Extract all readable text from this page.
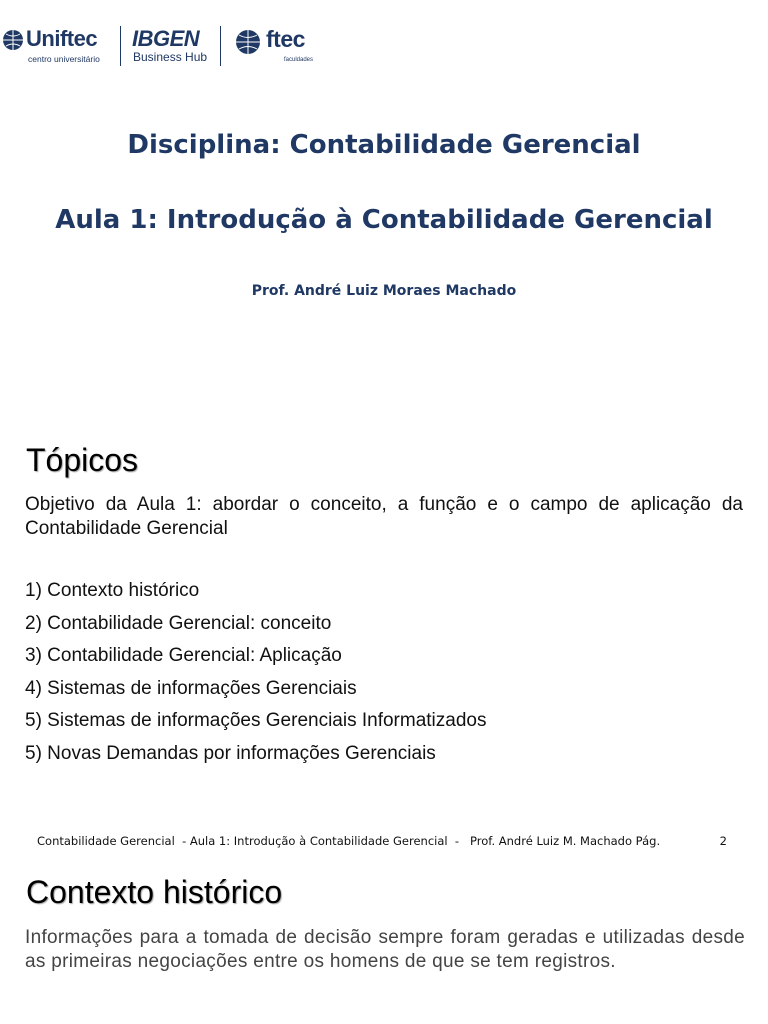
Uniftec
centro universitário
IBGEN
Business Hub
ftec
faculdades
Disciplina: Contabilidade Gerencial
Aula 1: Introdução à Contabilidade Gerencial
Prof. André Luiz Moraes Machado
Tópicos
Objetivo da Aula 1: abordar o conceito, a função e o campo de aplicação da Contabilidade Gerencial
1) Contexto histórico
2) Contabilidade Gerencial: conceito
3) Contabilidade Gerencial: Aplicação
4) Sistemas de informações Gerenciais
5) Sistemas de informações Gerenciais Informatizados
5) Novas Demandas por informações Gerenciais
Contabilidade Gerencial  - Aula 1: Introdução à Contabilidade Gerencial  -   Prof. André Luiz M. Machado Pág.	2
Contexto histórico
Informações para a tomada de decisão sempre foram geradas e utilizadas desde as primeiras negociações entre os homens de que se tem registros.
